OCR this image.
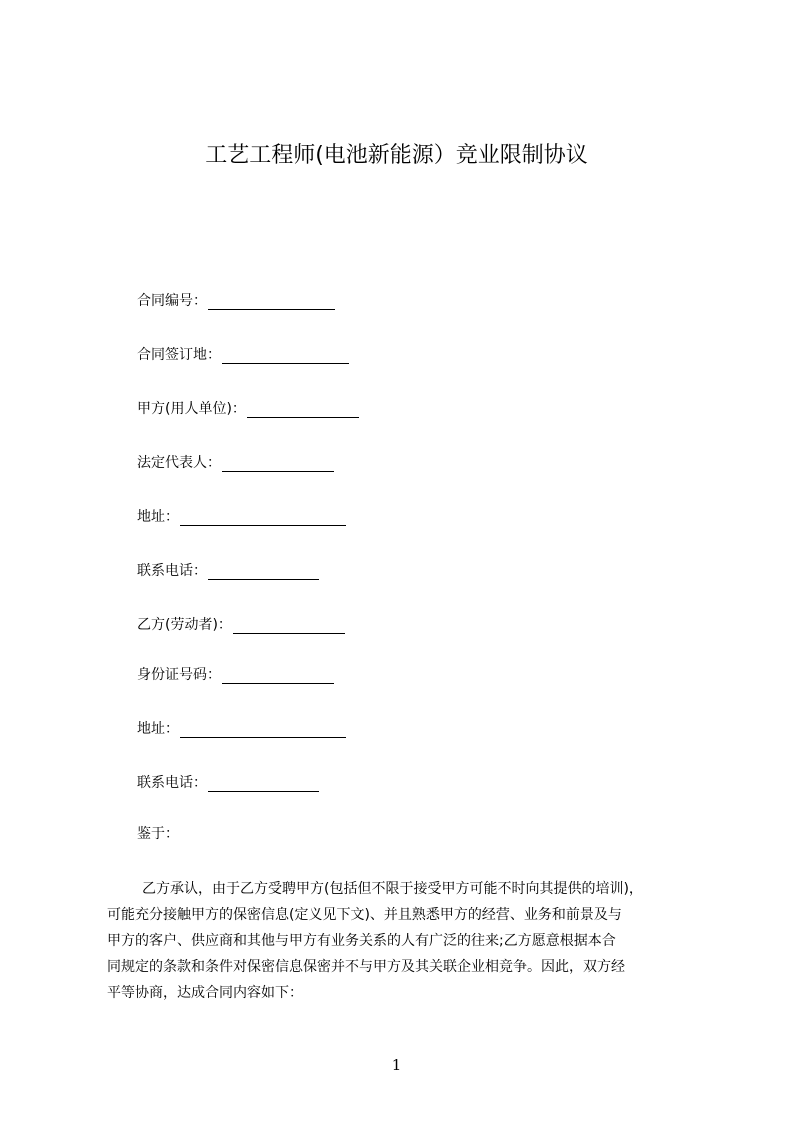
工艺工程师(电池新能源）竞业限制协议
合同编号：
合同签订地：
甲方(用人单位)：
法定代表人：
地址：
联系电话：
乙方(劳动者)：
身份证号码：
地址：
联系电话：
鉴于：

乙方承认，由于乙方受聘甲方(包括但不限于接受甲方可能不时向其提供的培训)，
可能充分接触甲方的保密信息(定义见下文)、并且熟悉甲方的经营、业务和前景及与
甲方的客户、供应商和其他与甲方有业务关系的人有广泛的往来;乙方愿意根据本合
同规定的条款和条件对保密信息保密并不与甲方及其关联企业相竞争。因此，双方经
平等协商，达成合同内容如下：

1
